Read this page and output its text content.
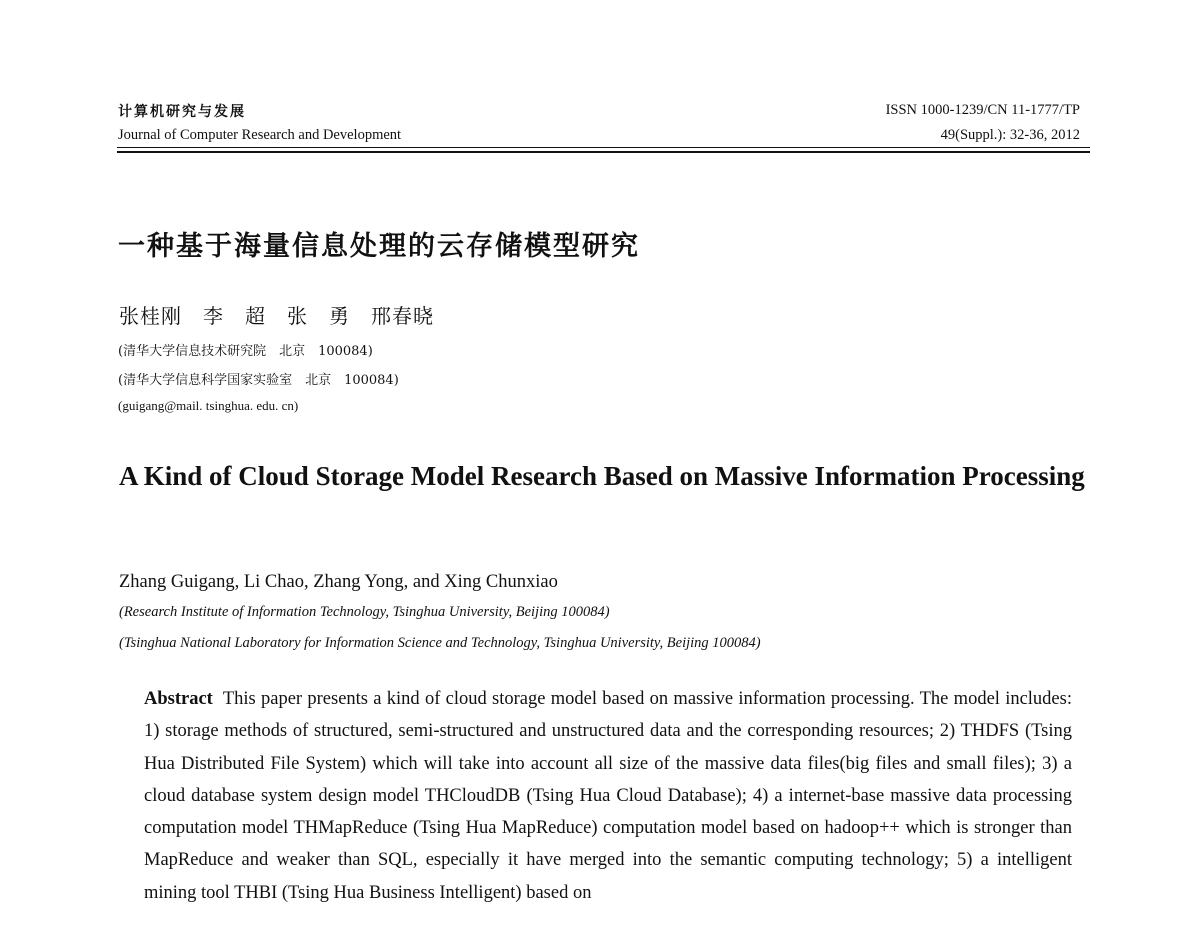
计算机研究与发展
Journal of Computer Research and Development
ISSN 1000-1239/CN 11-1777/TP
49(Suppl.): 32-36, 2012
一种基于海量信息处理的云存储模型研究
张桂刚　李　超　张　勇　邢春晓
(清华大学信息技术研究院　北京　100084)
(清华大学信息科学国家实验室　北京　100084)
(guigang@mail. tsinghua. edu. cn)
A Kind of Cloud Storage Model Research Based on Massive Information Processing
Zhang Guigang, Li Chao, Zhang Yong, and Xing Chunxiao
(Research Institute of Information Technology, Tsinghua University, Beijing 100084)
(Tsinghua National Laboratory for Information Science and Technology, Tsinghua University, Beijing 100084)
Abstract This paper presents a kind of cloud storage model based on massive information processing. The model includes: 1) storage methods of structured, semi-structured and unstructured data and the corresponding resources; 2) THDFS (Tsing Hua Distributed File System) which will take into account all size of the massive data files(big files and small files); 3) a cloud database system design model THCloudDB (Tsing Hua Cloud Database); 4) a internet-base massive data processing computation model THMapReduce (Tsing Hua MapReduce) computation model based on hadoop++ which is stronger than MapReduce and weaker than SQL, especially it have merged into the semantic computing technology; 5) a intelligent mining tool THBI (Tsing Hua Business Intelligent) based on
